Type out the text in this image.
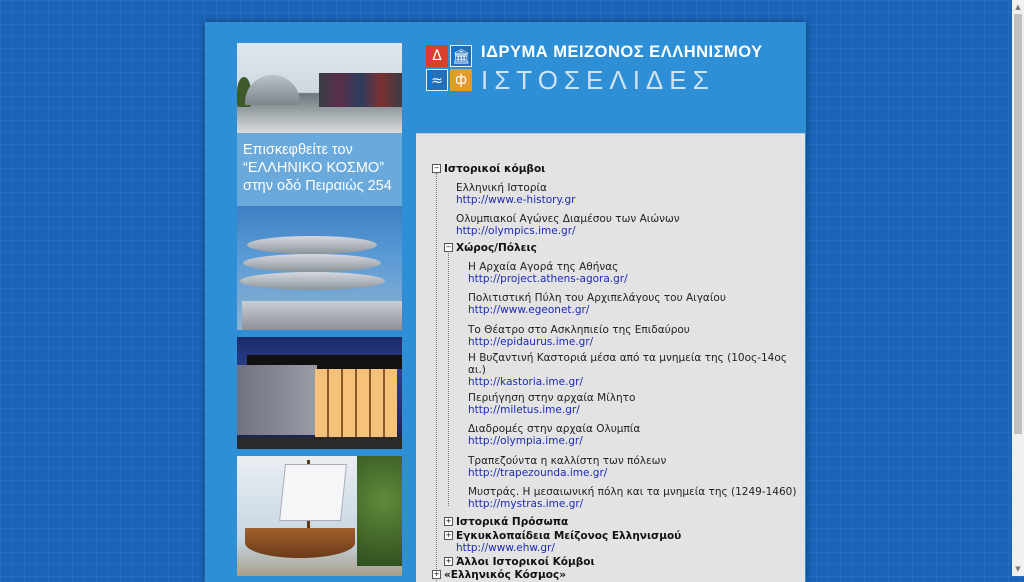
Επισκεφθείτε τον
“ΕΛΛΗΝΙΚΟ ΚΟΣΜΟ”
στην οδό Πειραιώς 254
Δ 🏛
≈ ф
ΙΔΡΥΜΑ ΜΕΙΖΟΝΟΣ ΕΛΛΗΝΙΣΜΟΥ
ΙΣΤΟΣΕΛΙΔΕΣ
− Ιστορικοί κόμβοι
Ελληνική Ιστορία
http://www.e-history.gr
Ολυμπιακοί Αγώνες Διαμέσου των Αιώνων
http://olympics.ime.gr/
− Χώρος/Πόλεις
Η Αρχαία Αγορά της Αθήνας
http://project.athens-agora.gr/
Πολιτιστική Πύλη του Αρχιπελάγους του Αιγαίου
http://www.egeonet.gr/
Το Θέατρο στο Ασκληπιείο της Επιδαύρου
http://epidaurus.ime.gr/
Η Βυζαντινή Καστοριά μέσα από τα μνημεία της (10ος-14ος
αι.)
http://kastoria.ime.gr/
Περιήγηση στην αρχαία Μίλητο
http://miletus.ime.gr/
Διαδρομές στην αρχαία Ολυμπία
http://olympia.ime.gr/
Τραπεζούντα η καλλίστη των πόλεων
http://trapezounda.ime.gr/
Μυστράς. Η μεσαιωνική πόλη και τα μνημεία της (1249-1460)
http://mystras.ime.gr/
+ Ιστορικά Πρόσωπα
+ Εγκυκλοπαίδεια Μείζονος Ελληνισμού
http://www.ehw.gr/
+ Άλλοι Ιστορικοί Κόμβοι
+ «Ελληνικός Κόσμος»
▲
▼
